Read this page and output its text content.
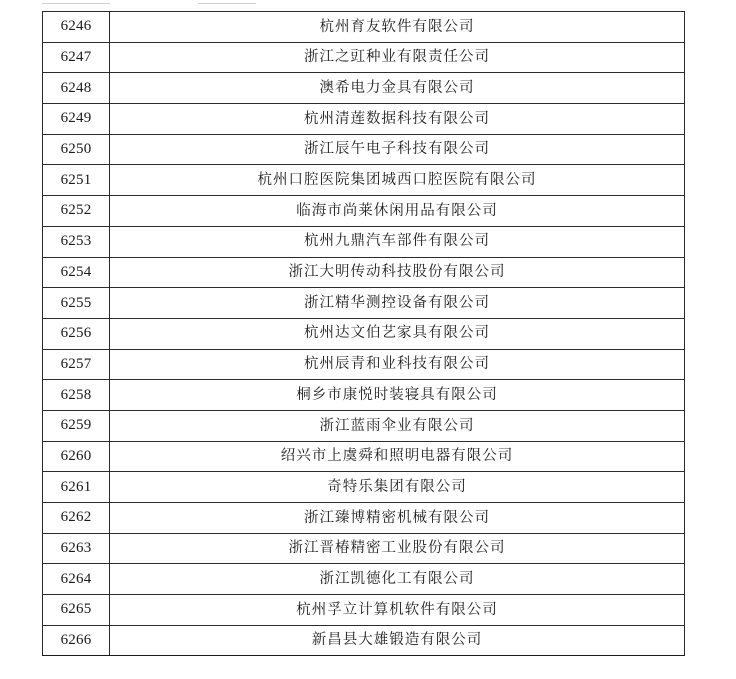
6246	杭州育友软件有限公司
6247	浙江之豇种业有限责任公司
6248	澳希电力金具有限公司
6249	杭州清莲数据科技有限公司
6250	浙江辰午电子科技有限公司
6251	杭州口腔医院集团城西口腔医院有限公司
6252	临海市尚莱休闲用品有限公司
6253	杭州九鼎汽车部件有限公司
6254	浙江大明传动科技股份有限公司
6255	浙江精华测控设备有限公司
6256	杭州达文伯艺家具有限公司
6257	杭州辰青和业科技有限公司
6258	桐乡市康悦时装寝具有限公司
6259	浙江蓝雨伞业有限公司
6260	绍兴市上虞舜和照明电器有限公司
6261	奇特乐集团有限公司
6262	浙江臻博精密机械有限公司
6263	浙江晋椿精密工业股份有限公司
6264	浙江凯德化工有限公司
6265	杭州孚立计算机软件有限公司
6266	新昌县大雄锻造有限公司
